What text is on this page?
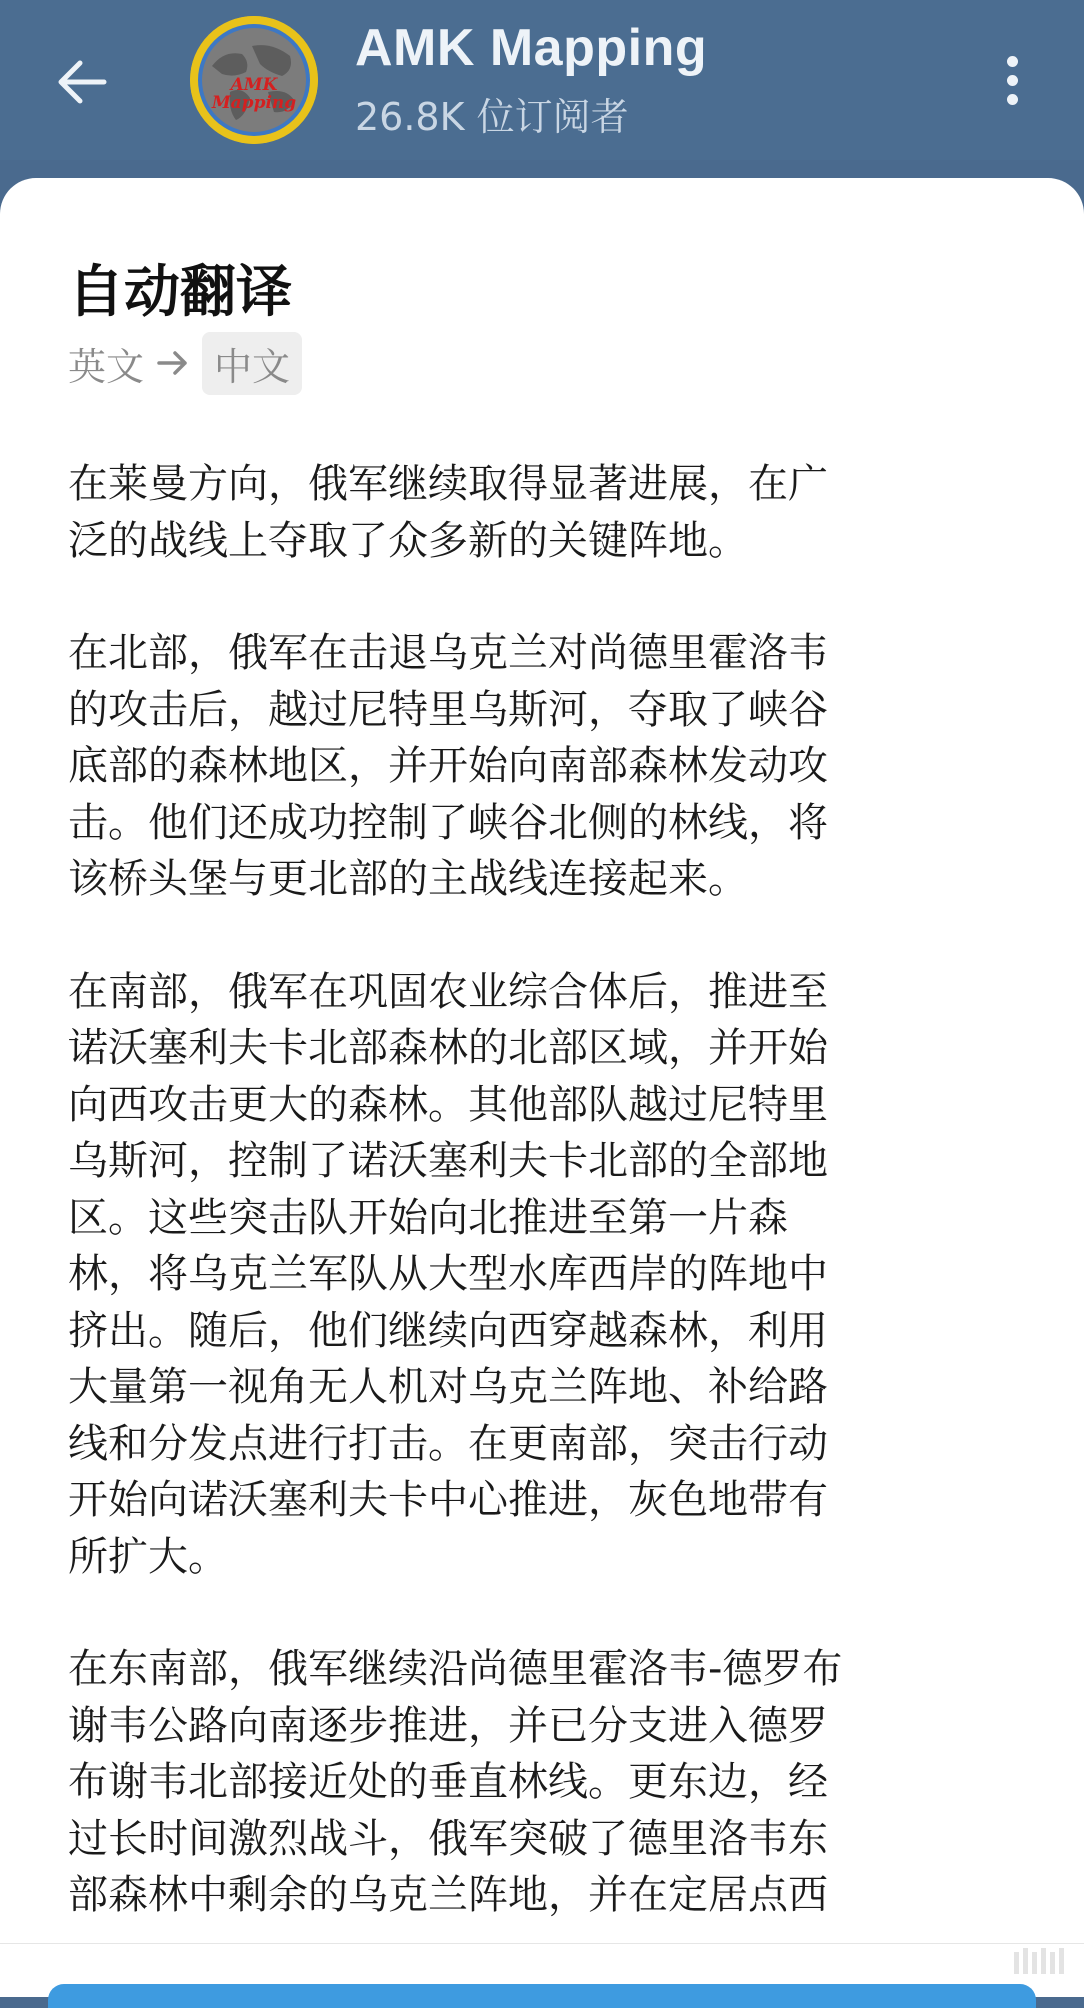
AMK
Mapping
AMK Mapping
26.8K 位订阅者
自动翻译
英文	中文

在莱曼方向，俄军继续取得显著进展，在广
泛的战线上夺取了众多新的关键阵地。

在北部，俄军在击退乌克兰对尚德里霍洛韦
的攻击后，越过尼特里乌斯河，夺取了峡谷
底部的森林地区，并开始向南部森林发动攻
击。他们还成功控制了峡谷北侧的林线，将
该桥头堡与更北部的主战线连接起来。

在南部，俄军在巩固农业综合体后，推进至
诺沃塞利夫卡北部森林的北部区域，并开始
向西攻击更大的森林。其他部队越过尼特里
乌斯河，控制了诺沃塞利夫卡北部的全部地
区。这些突击队开始向北推进至第一片森
林，将乌克兰军队从大型水库西岸的阵地中
挤出。随后，他们继续向西穿越森林，利用
大量第一视角无人机对乌克兰阵地、补给路
线和分发点进行打击。在更南部，突击行动
开始向诺沃塞利夫卡中心推进，灰色地带有
所扩大。

在东南部，俄军继续沿尚德里霍洛韦-德罗布
谢韦公路向南逐步推进，并已分支进入德罗
布谢韦北部接近处的垂直林线。更东边，经
过长时间激烈战斗，俄军突破了德里洛韦东
部森林中剩余的乌克兰阵地，并在定居点西
